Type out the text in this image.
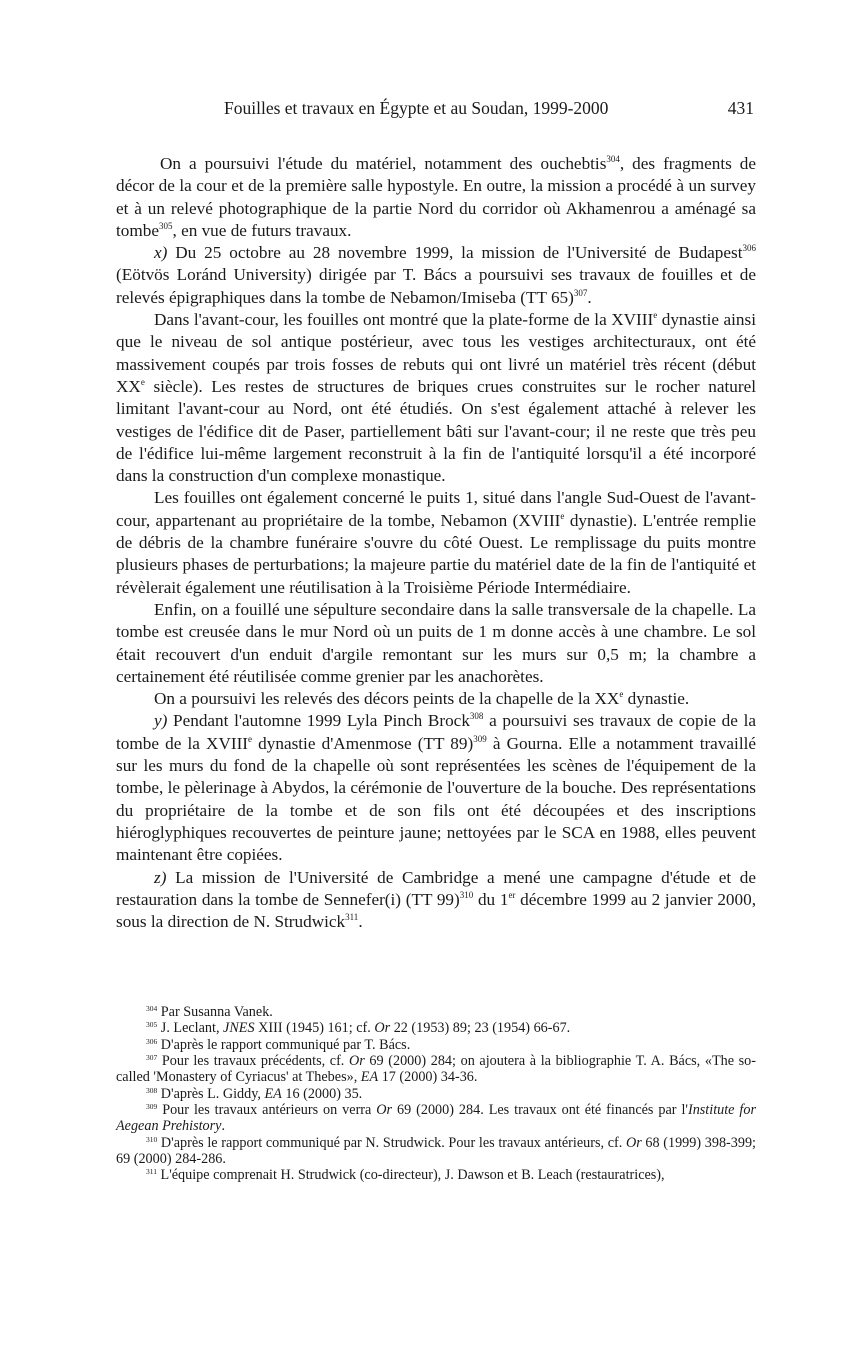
Fouilles et travaux en Égypte et au Soudan, 1999-2000	431

On a poursuivi l'étude du matériel, notamment des ouchebtis$^{304}$, des fragments de décor de la cour et de la première salle hypostyle. En outre, la mission a procédé à un survey et à un relevé photographique de la partie Nord du corridor où Akhamenrou a aménagé sa tombe$^{305}$, en vue de futurs travaux.

x) Du 25 octobre au 28 novembre 1999, la mission de l'Université de Budapest$^{306}$ (Eötvös Loránd University) dirigée par T. Bács a poursuivi ses travaux de fouilles et de relevés épigraphiques dans la tombe de Nebamon/Imiseba (TT 65)$^{307}$.

Dans l'avant-cour, les fouilles ont montré que la plate-forme de la XVIIIe dynastie ainsi que le niveau de sol antique postérieur, avec tous les vestiges architecturaux, ont été massivement coupés par trois fosses de rebuts qui ont livré un matériel très récent (début XXe siècle). Les restes de structures de briques crues construites sur le rocher naturel limitant l'avant-cour au Nord, ont été étudiés. On s'est également attaché à relever les vestiges de l'édifice dit de Paser, partiellement bâti sur l'avant-cour; il ne reste que très peu de l'édifice lui-même largement reconstruit à la fin de l'antiquité lorsqu'il a été incorporé dans la construction d'un complexe monastique.

Les fouilles ont également concerné le puits 1, situé dans l'angle Sud-Ouest de l'avant-cour, appartenant au propriétaire de la tombe, Nebamon (XVIIIe dynastie). L'entrée remplie de débris de la chambre funéraire s'ouvre du côté Ouest. Le remplissage du puits montre plusieurs phases de perturbations; la majeure partie du matériel date de la fin de l'antiquité et révèlerait également une réutilisation à la Troisième Période Intermédiaire.

Enfin, on a fouillé une sépulture secondaire dans la salle transversale de la chapelle. La tombe est creusée dans le mur Nord où un puits de 1 m donne accès à une chambre. Le sol était recouvert d'un enduit d'argile remontant sur les murs sur 0,5 m; la chambre a certainement été réutilisée comme grenier par les anachorètes.

On a poursuivi les relevés des décors peints de la chapelle de la XXe dynastie.

y) Pendant l'automne 1999 Lyla Pinch Brock$^{308}$ a poursuivi ses travaux de copie de la tombe de la XVIIIe dynastie d'Amenmose (TT 89)$^{309}$ à Gourna. Elle a notamment travaillé sur les murs du fond de la chapelle où sont représentées les scènes de l'équipement de la tombe, le pèlerinage à Abydos, la cérémonie de l'ouverture de la bouche. Des représentations du propriétaire de la tombe et de son fils ont été découpées et des inscriptions hiéroglyphiques recouvertes de peinture jaune; nettoyées par le SCA en 1988, elles peuvent maintenant être copiées.

z) La mission de l'Université de Cambridge a mené une campagne d'étude et de restauration dans la tombe de Sennefer(i) (TT 99)$^{310}$ du 1er décembre 1999 au 2 janvier 2000, sous la direction de N. Strudwick$^{311}$.

$^{304}$ Par Susanna Vanek.

$^{305}$ J. Leclant, JNES XIII (1945) 161; cf. Or 22 (1953) 89; 23 (1954) 66-67.

$^{306}$ D'après le rapport communiqué par T. Bács.

$^{307}$ Pour les travaux précédents, cf. Or 69 (2000) 284; on ajoutera à la bibliographie T. A. Bács, «The so-called 'Monastery of Cyriacus' at Thebes», EA 17 (2000) 34-36.

$^{308}$ D'après L. Giddy, EA 16 (2000) 35.

$^{309}$ Pour les travaux antérieurs on verra Or 69 (2000) 284. Les travaux ont été financés par l'Institute for Aegean Prehistory.

$^{310}$ D'après le rapport communiqué par N. Strudwick. Pour les travaux antérieurs, cf. Or 68 (1999) 398-399; 69 (2000) 284-286.

$^{311}$ L'équipe comprenait H. Strudwick (co-directeur), J. Dawson et B. Leach (restauratrices),
